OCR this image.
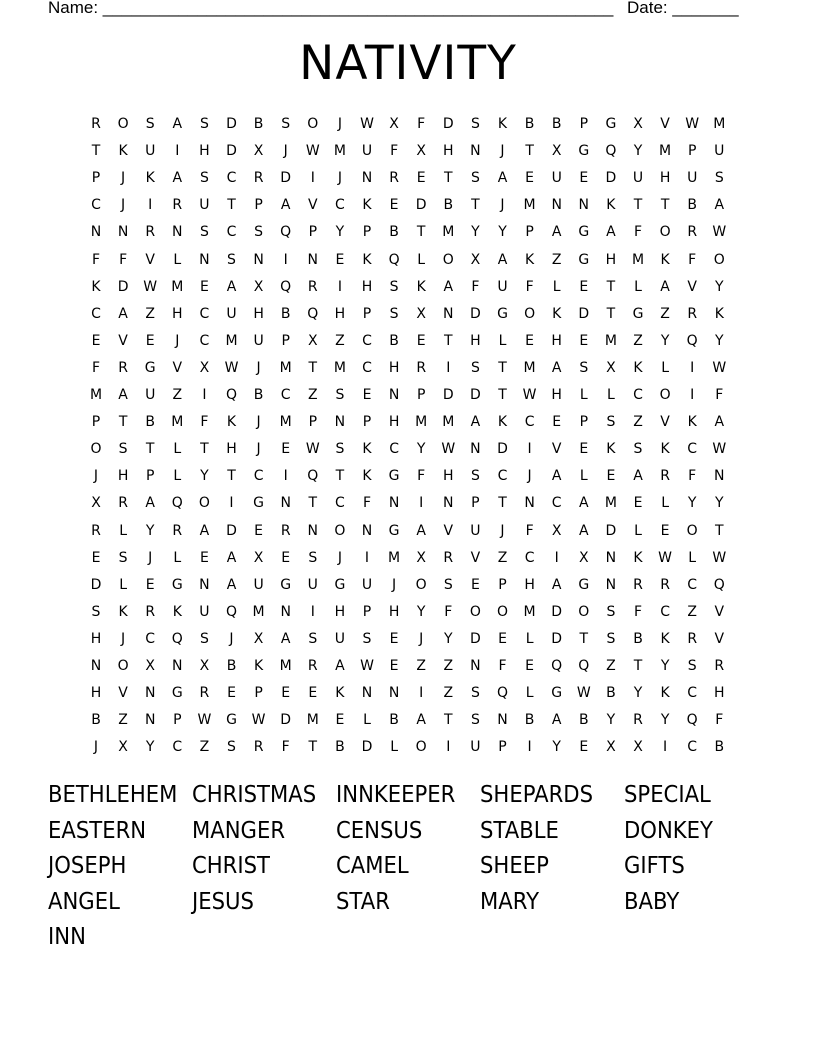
Name: ______________________________________________________ Date: _______
NATIVITY
R	O	S	A	S	D	B	S	O	J	W	X	F	D	S	K	B	B	P	G	X	V	W	M
T	K	U	I	H	D	X	J	W	M	U	F	X	H	N	J	T	X	G	Q	Y	M	P	U
P	J	K	A	S	C	R	D	I	J	N	R	E	T	S	A	E	U	E	D	U	H	U	S
C	J	I	R	U	T	P	A	V	C	K	E	D	B	T	J	M	N	N	K	T	T	B	A
N	N	R	N	S	C	S	Q	P	Y	P	B	T	M	Y	Y	P	A	G	A	F	O	R	W
F	F	V	L	N	S	N	I	N	E	K	Q	L	O	X	A	K	Z	G	H	M	K	F	O
K	D	W	M	E	A	X	Q	R	I	H	S	K	A	F	U	F	L	E	T	L	A	V	Y
C	A	Z	H	C	U	H	B	Q	H	P	S	X	N	D	G	O	K	D	T	G	Z	R	K
E	V	E	J	C	M	U	P	X	Z	C	B	E	T	H	L	E	H	E	M	Z	Y	Q	Y
F	R	G	V	X	W	J	M	T	M	C	H	R	I	S	T	M	A	S	X	K	L	I	W
M	A	U	Z	I	Q	B	C	Z	S	E	N	P	D	D	T	W	H	L	L	C	O	I	F
P	T	B	M	F	K	J	M	P	N	P	H	M	M	A	K	C	E	P	S	Z	V	K	A
O	S	T	L	T	H	J	E	W	S	K	C	Y	W	N	D	I	V	E	K	S	K	C	W
J	H	P	L	Y	T	C	I	Q	T	K	G	F	H	S	C	J	A	L	E	A	R	F	N
X	R	A	Q	O	I	G	N	T	C	F	N	I	N	P	T	N	C	A	M	E	L	Y	Y
R	L	Y	R	A	D	E	R	N	O	N	G	A	V	U	J	F	X	A	D	L	E	O	T
E	S	J	L	E	A	X	E	S	J	I	M	X	R	V	Z	C	I	X	N	K	W	L	W
D	L	E	G	N	A	U	G	U	G	U	J	O	S	E	P	H	A	G	N	R	R	C	Q
S	K	R	K	U	Q	M	N	I	H	P	H	Y	F	O	O	M	D	O	S	F	C	Z	V
H	J	C	Q	S	J	X	A	S	U	S	E	J	Y	D	E	L	D	T	S	B	K	R	V
N	O	X	N	X	B	K	M	R	A	W	E	Z	Z	N	F	E	Q	Q	Z	T	Y	S	R
H	V	N	G	R	E	P	E	E	K	N	N	I	Z	S	Q	L	G	W	B	Y	K	C	H
B	Z	N	P	W	G	W	D	M	E	L	B	A	T	S	N	B	A	B	Y	R	Y	Q	F
J	X	Y	C	Z	S	R	F	T	B	D	L	O	I	U	P	I	Y	E	X	X	I	C	B
BETHLEHEM CHRISTMAS INNKEEPER SHEPARDS SPECIAL
EASTERN MANGER CENSUS	STABLE	DONKEY
JOSEPH	CHRIST	CAMEL	SHEEP	GIFTS
ANGEL	JESUS	STAR	MARY	BABY
INN
